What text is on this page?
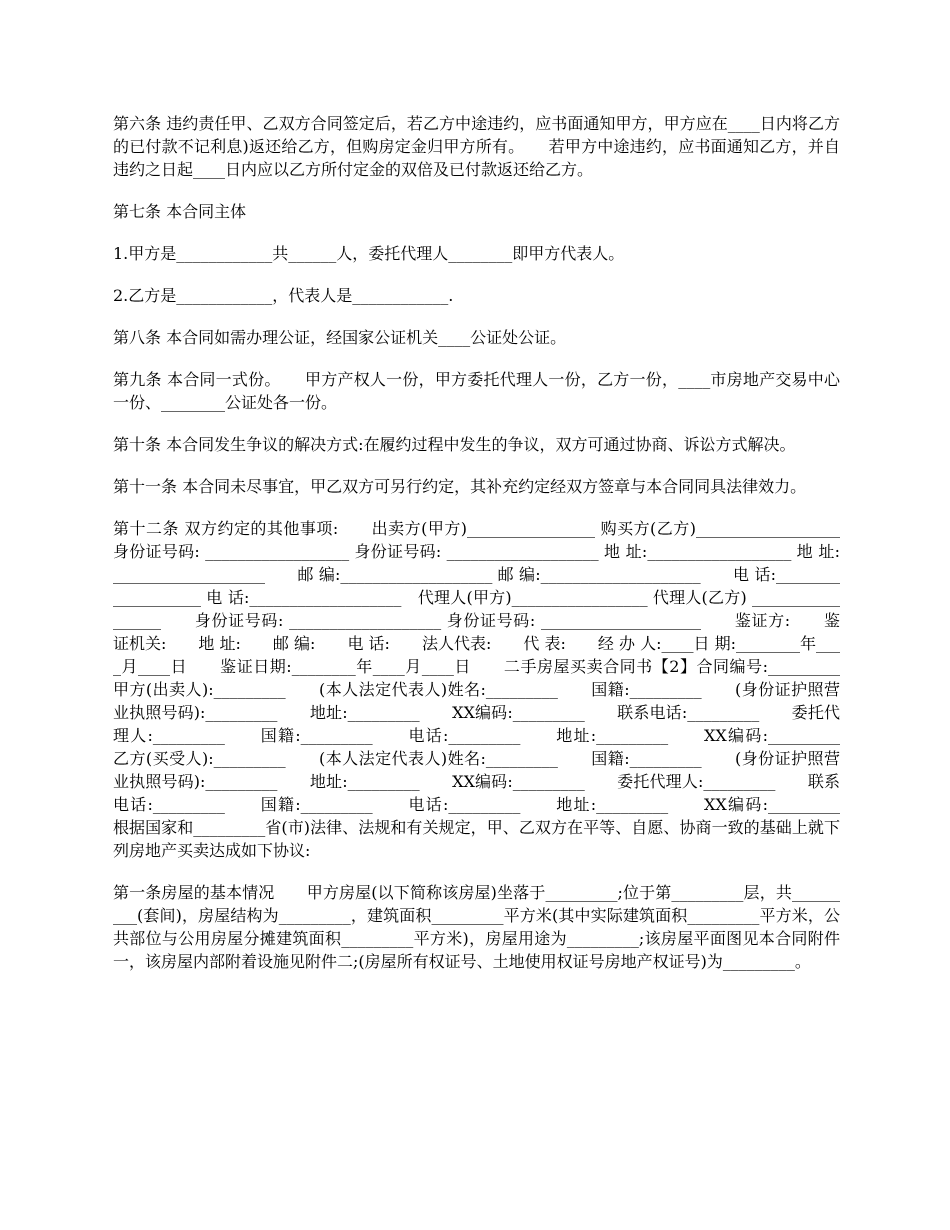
第六条 违约责任甲、乙双方合同签定后，若乙方中途违约，应书面通知甲方，甲方应在____日内将乙方的已付款不记利息)返还给乙方，但购房定金归甲方所有。　　若甲方中途违约，应书面通知乙方，并自违约之日起____日内应以乙方所付定金的双倍及已付款返还给乙方。

第七条 本合同主体

1.甲方是____________共______人，委托代理人________即甲方代表人。

2.乙方是____________，代表人是____________.

第八条 本合同如需办理公证，经国家公证机关____公证处公证。

第九条 本合同一式份。　　甲方产权人一份，甲方委托代理人一份，乙方一份，____市房地产交易中心一份、________公证处各一份。

第十条 本合同发生争议的解决方式:在履约过程中发生的争议，双方可通过协商、诉讼方式解决。

第十一条 本合同未尽事宜，甲乙双方可另行约定，其补充约定经双方签章与本合同同具法律效力。

第十二条 双方约定的其他事项:　　出卖方(甲方)________________ 购买方(乙方)__________________　　身份证号码: __________________ 身份证号码: ___________________ 地 址:__________________ 地 址:___________________　　邮 编:___________________ 邮 编:____________________　　电 话:___________________ 电 话:___________________　代理人(甲方)_________________ 代理人(乙方) _________________　　身份证号码: ___________________ 身份证号码: ____________________　　鉴证方:　　鉴证机关:　　地 址:　　邮 编:　　电 话:　　法人代表:　　代 表:　　经 办 人:____日 期:________年____月____日　　鉴证日期:________年____月____日　　二手房屋买卖合同书【2】合同编号:_________　　甲方(出卖人):_________　　(本人法定代表人)姓名:_________　　国籍:_________　　(身份证护照营业执照号码):_________　　地址:_________　　XX编码:_________　　联系电话:_________　　委托代理人:_________　　国籍:_________　　电话:_________　　地址:_________　　XX编码:_________　　乙方(买受人):_________　　(本人法定代表人)姓名:_________　　国籍:_________　　(身份证护照营业执照号码):_________　　地址:_________　　XX编码:_________　　委托代理人:_________　　联系电话:_________　　国籍:_________　　电话:_________　　地址:_________　　XX编码:_________　　根据国家和_________省(市)法律、法规和有关规定，甲、乙双方在平等、自愿、协商一致的基础上就下列房地产买卖达成如下协议:

第一条房屋的基本情况　　甲方房屋(以下简称该房屋)坐落于_________;位于第_________层，共_________(套间)，房屋结构为_________，建筑面积_________平方米(其中实际建筑面积_________平方米，公共部位与公用房屋分摊建筑面积_________平方米)，房屋用途为_________;该房屋平面图见本合同附件一，该房屋内部附着设施见附件二;(房屋所有权证号、土地使用权证号房地产权证号)为_________。
